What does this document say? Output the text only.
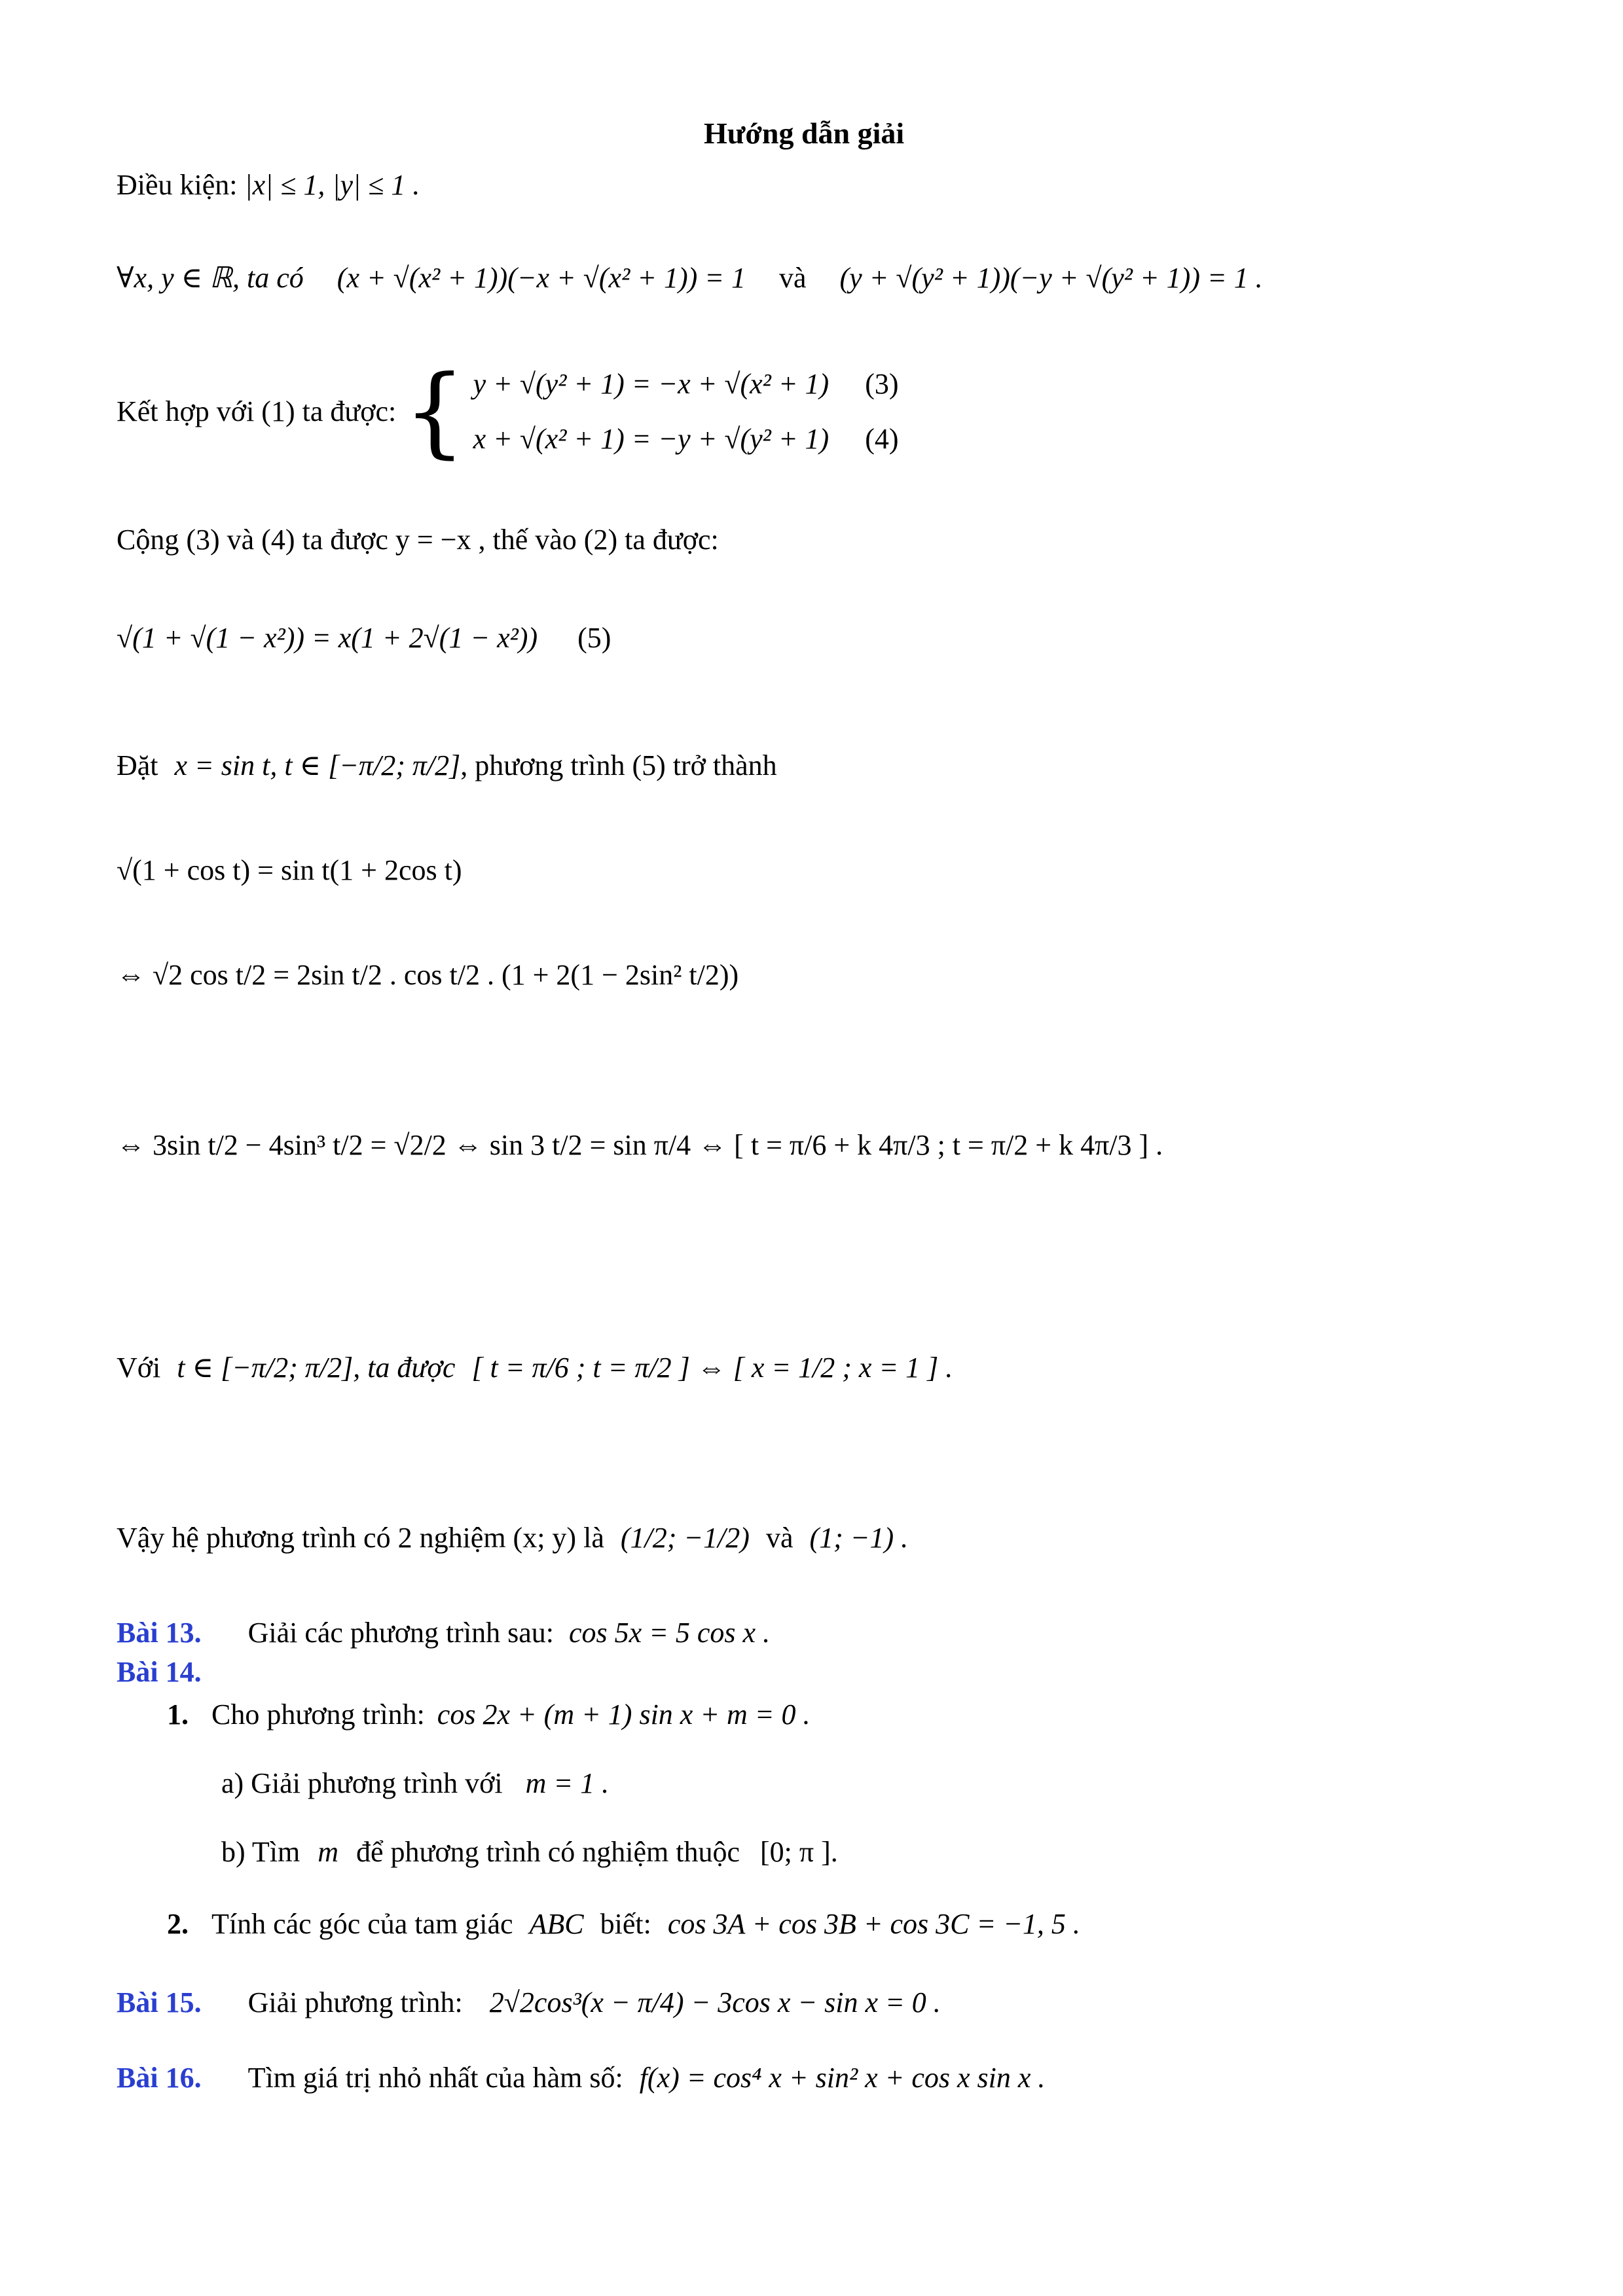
Hướng dẫn giải
Điều kiện: |x| ≤ 1, |y| ≤ 1 .
∀x, y ∈ ℝ, ta có (x + √(x² + 1))(−x + √(x² + 1)) = 1 và (y + √(y² + 1))(−y + √(y² + 1)) = 1 .
Kết hợp với (1) ta được: { y + √(y² + 1) = −x + √(x² + 1) (3)
x + √(x² + 1) = −y + √(y² + 1) (4)
Cộng (3) và (4) ta được y = −x , thế vào (2) ta được:
√(1 + √(1 − x²)) = x(1 + 2√(1 − x²)) (5)
Đặt x = sin t, t ∈ [−π/2; π/2], phương trình (5) trở thành
√(1 + cos t) = sin t(1 + 2cos t)
⇔ √2 cos t/2 = 2sin t/2 . cos t/2 . (1 + 2(1 − 2sin² t/2))
⇔ 3sin t/2 − 4sin³ t/2 = √2/2 ⇔ sin 3 t/2 = sin π/4 ⇔ [ t = π/6 + k 4π/3 ; t = π/2 + k 4π/3 ] .
Với t ∈ [−π/2; π/2], ta được [ t = π/6 ; t = π/2 ] ⇔ [ x = 1/2 ; x = 1 ] .
Vậy hệ phương trình có 2 nghiệm (x; y) là (1/2; −1/2) và (1; −1) .
Bài 13. Giải các phương trình sau: cos 5x = 5 cos x .
Bài 14.
1. Cho phương trình: cos 2x + (m + 1) sin x + m = 0 .
a) Giải phương trình với m = 1 .
b) Tìm m để phương trình có nghiệm thuộc [0; π ].
2. Tính các góc của tam giác ABC biết: cos 3A + cos 3B + cos 3C = −1, 5 .
Bài 15. Giải phương trình: 2√2cos³(x − π/4) − 3cos x − sin x = 0 .
Bài 16. Tìm giá trị nhỏ nhất của hàm số: f(x) = cos⁴ x + sin² x + cos x sin x .
